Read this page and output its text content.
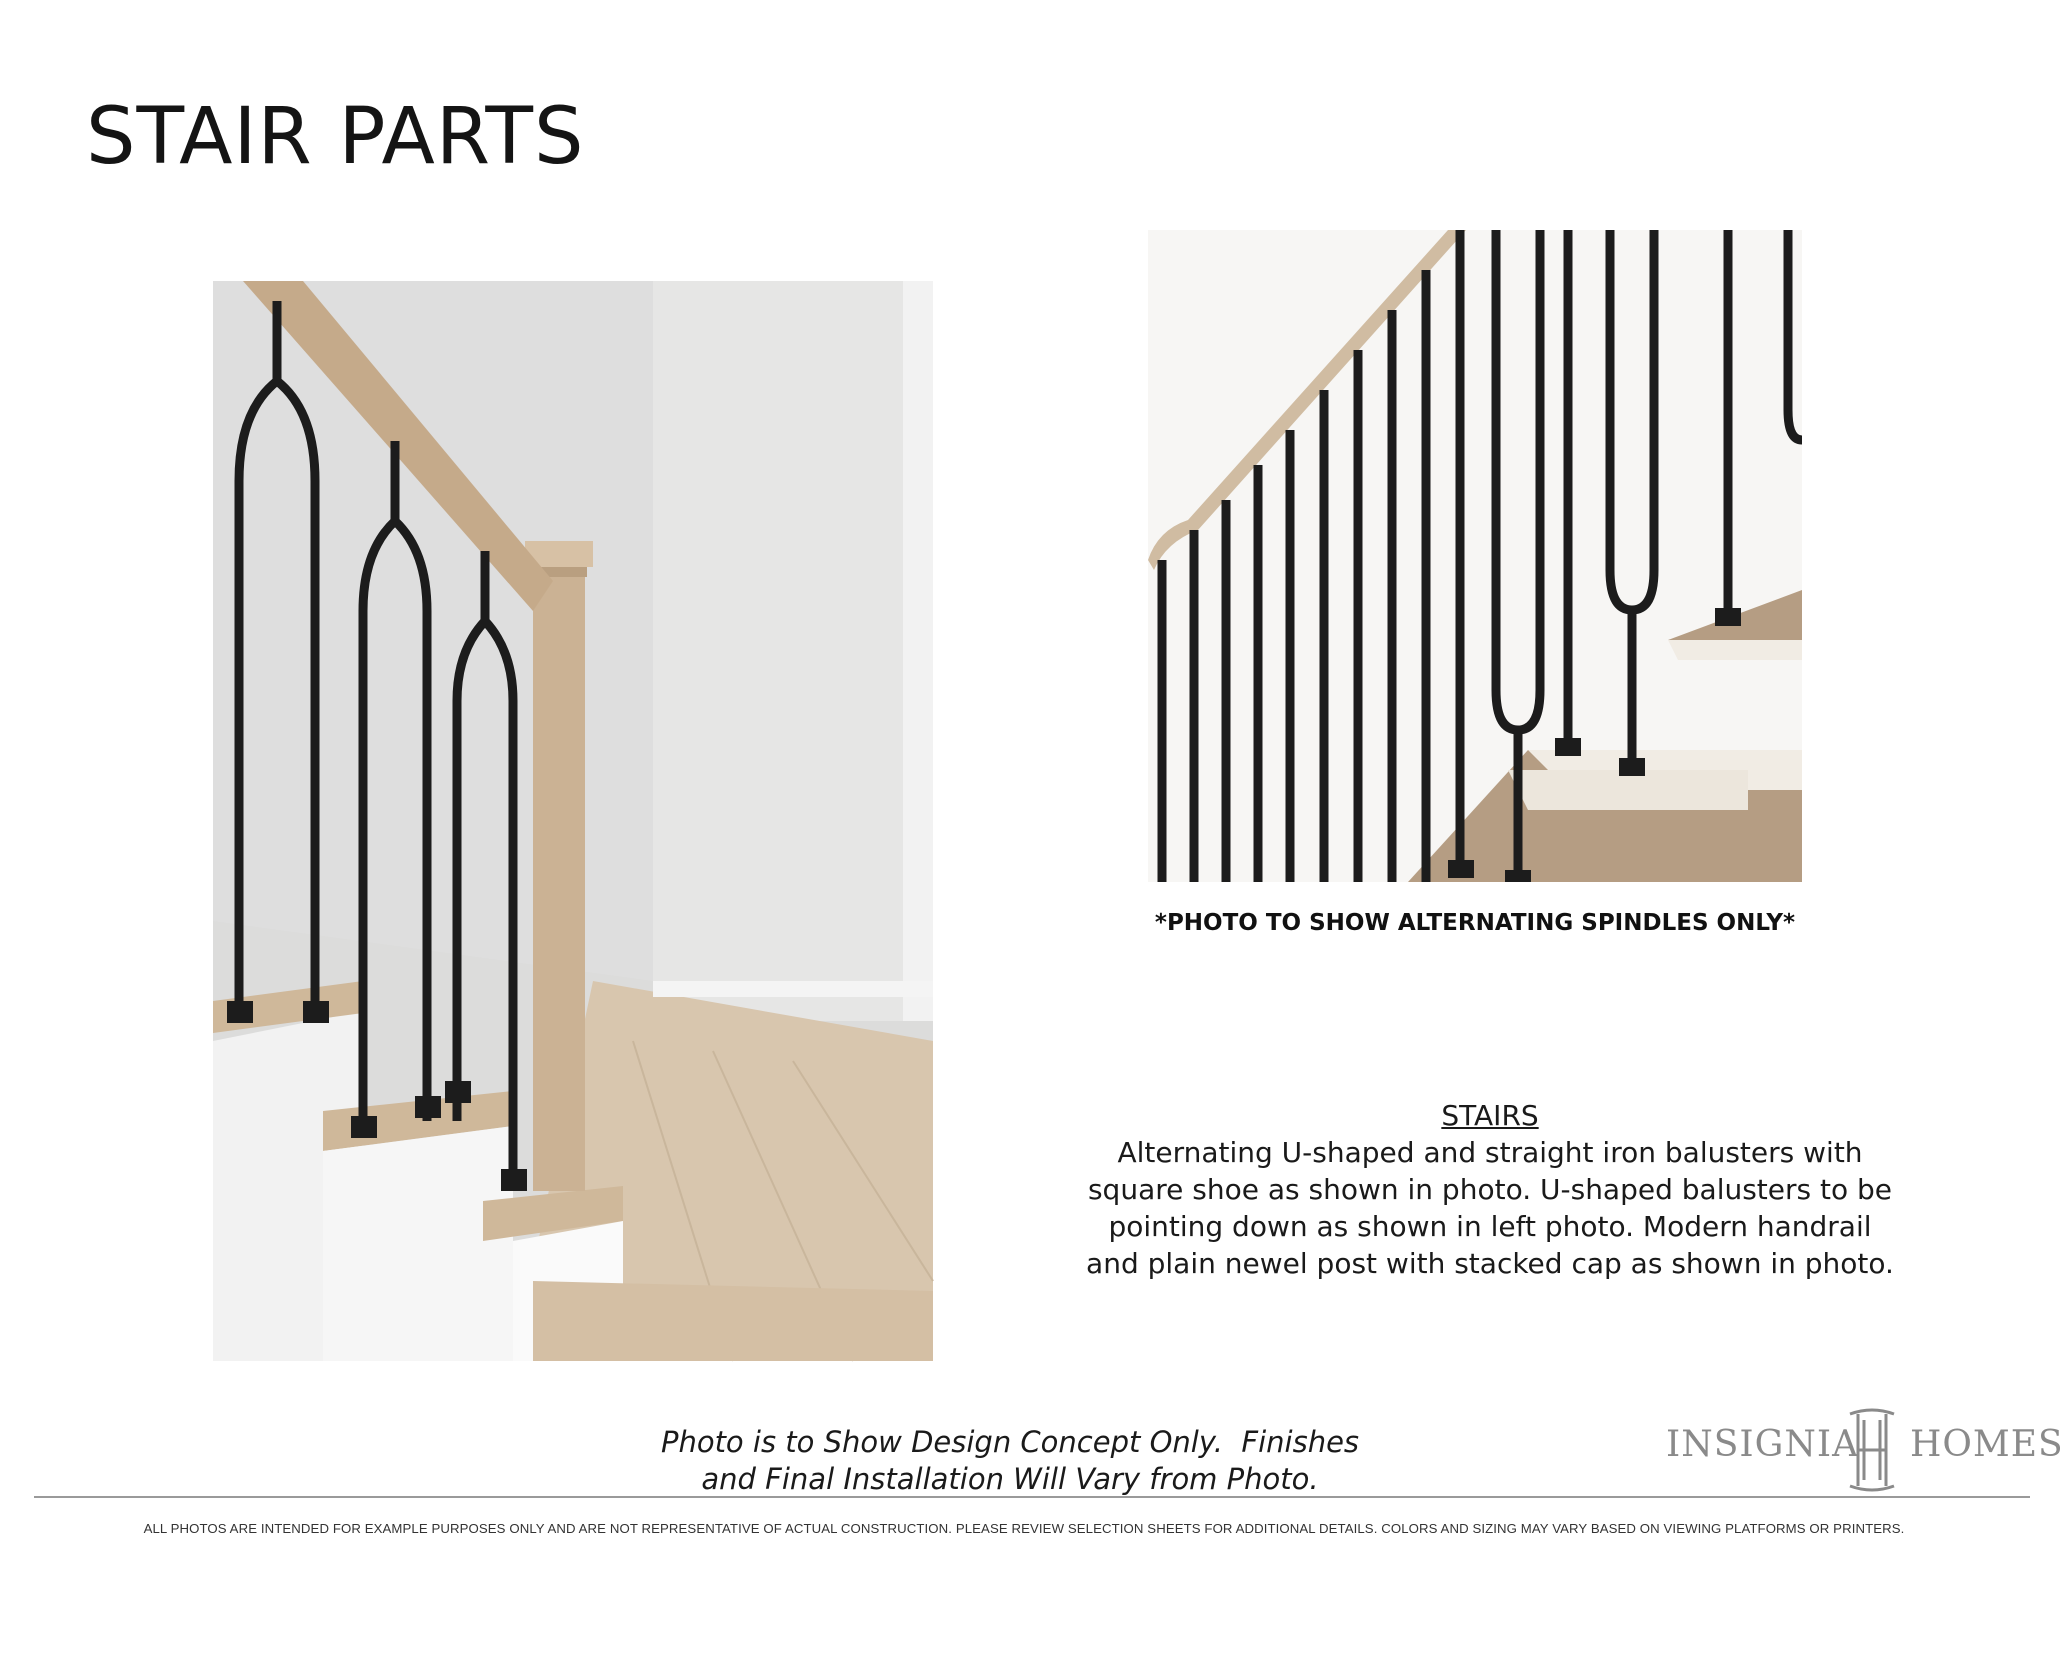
STAIR PARTS
*PHOTO TO SHOW ALTERNATING SPINDLES ONLY*

STAIRS

Alternating U-shaped and straight iron balusters with

square shoe as shown in photo. U-shaped balusters to be

pointing down as shown in left photo. Modern handrail

and plain newel post with stacked cap as shown in photo.

Photo is to Show Design Concept Only.  Finishes
and Final Installation Will Vary from Photo.
INSIGNIA HOMES
ALL PHOTOS ARE INTENDED FOR EXAMPLE PURPOSES ONLY AND ARE NOT REPRESENTATIVE OF ACTUAL CONSTRUCTION. PLEASE REVIEW SELECTION SHEETS FOR ADDITIONAL DETAILS. COLORS AND SIZING MAY VARY BASED ON VIEWING PLATFORMS OR PRINTERS.
